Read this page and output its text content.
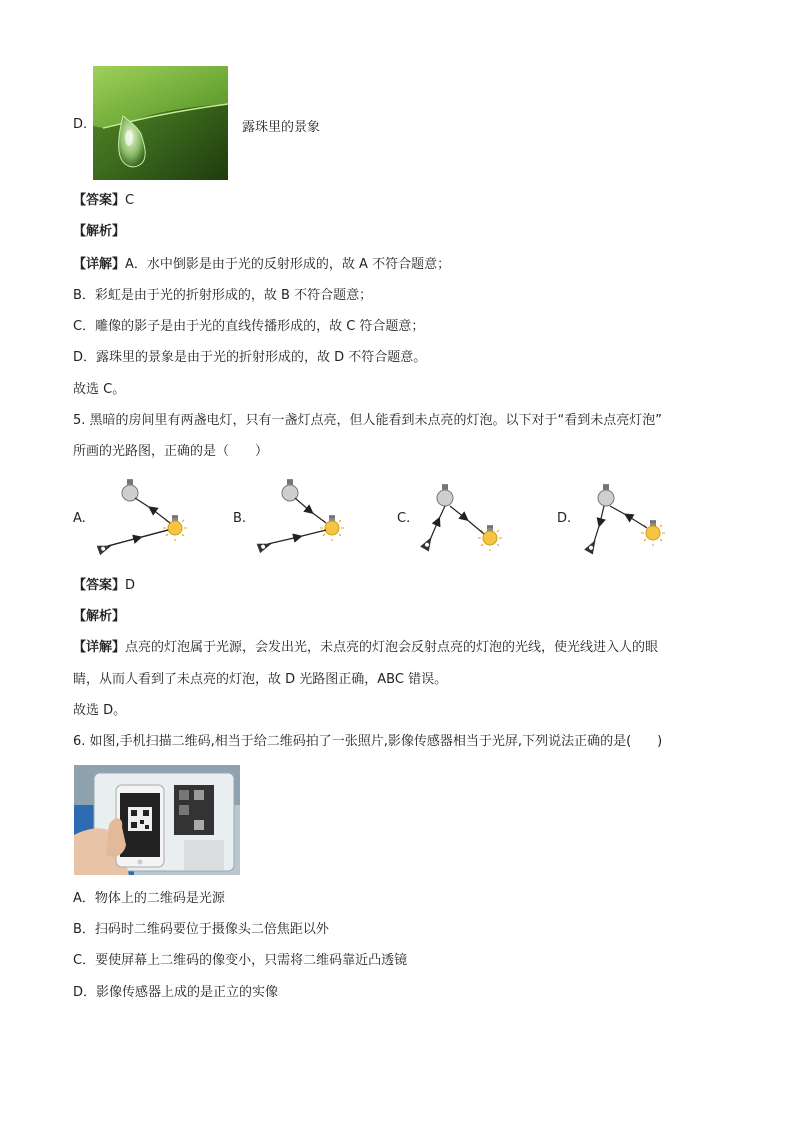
D.	露珠里的景象
【答案】C
【解析】
【详解】A．水中倒影是由于光的反射形成的，故 A 不符合题意；
B．彩虹是由于光的折射形成的，故 B 不符合题意；
C．雕像的影子是由于光的直线传播形成的，故 C 符合题意；
D．露珠里的景象是由于光的折射形成的，故 D 不符合题意。
故选 C。
5. 黑暗的房间里有两盏电灯，只有一盏灯点亮，但人能看到未点亮的灯泡。以下对于“看到未点亮灯泡”
所画的光路图，正确的是（　　）
A.	B.	C.	D.
【答案】D
【解析】
【详解】点亮的灯泡属于光源，会发出光，未点亮的灯泡会反射点亮的灯泡的光线，使光线进入人的眼
睛，从而人看到了未点亮的灯泡，故 D 光路图正确，ABC 错误。
故选 D。
6. 如图,手机扫描二维码,相当于给二维码拍了一张照片,影像传感器相当于光屏,下列说法正确的是(　　)
A．物体上的二维码是光源
B．扫码时二维码要位于摄像头二倍焦距以外
C．要使屏幕上二维码的像变小，只需将二维码靠近凸透镜
D．影像传感器上成的是正立的实像
